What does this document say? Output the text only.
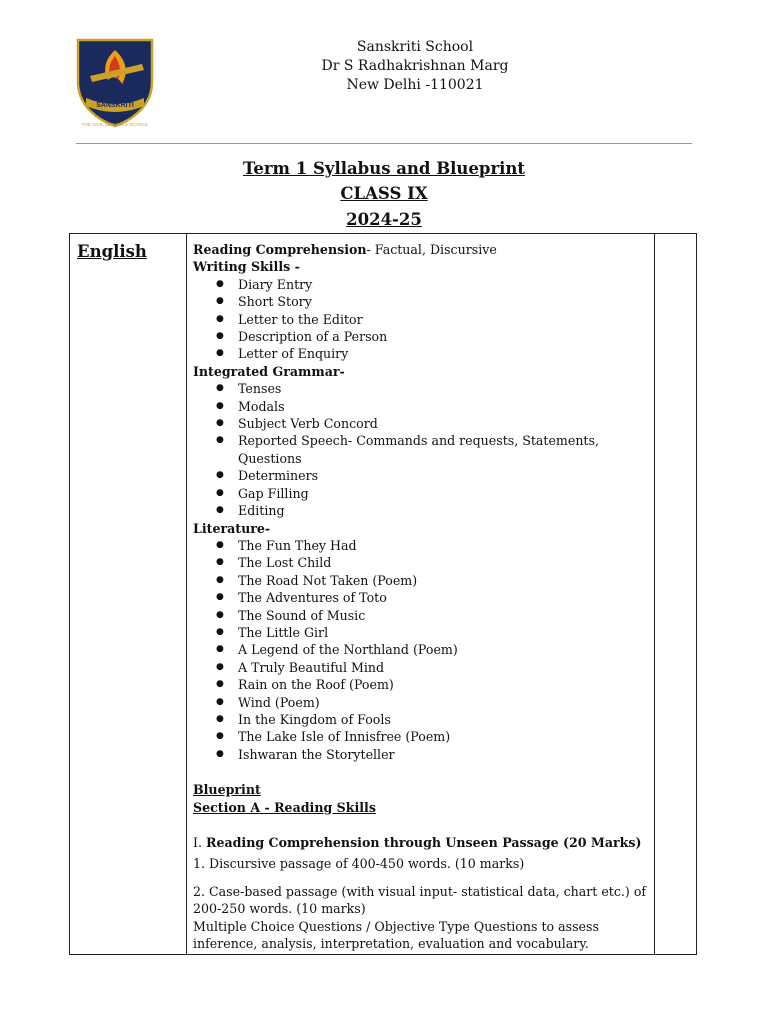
SANSKRITI
THE CIVIL SERVICES SCHOOL
Sanskriti School
Dr S Radhakrishnan Marg
New Delhi -110021
Term 1 Syllabus and Blueprint
CLASS IX
2024-25
English	Reading Comprehension- Factual, Discursive

Writing Skills -

● Diary Entry
● Short Story
● Letter to the Editor
● Description of a Person
● Letter of Enquiry

Integrated Grammar-

● Tenses
● Modals
● Subject Verb Concord
● Reported Speech- Commands and requests, Statements, Questions
● Determiners
● Gap Filling
● Editing

Literature-

● The Fun They Had
● The Lost Child
● The Road Not Taken (Poem)
● The Adventures of Toto
● The Sound of Music
● The Little Girl
● A Legend of the Northland (Poem)
● A Truly Beautiful Mind
● Rain on the Roof (Poem)
● Wind (Poem)
● In the Kingdom of Fools
● The Lake Isle of Innisfree (Poem)
● Ishwaran the Storyteller

Blueprint

Section A - Reading Skills

I. Reading Comprehension through Unseen Passage (20 Marks)

1. Discursive passage of 400-450 words. (10 marks)

2. Case-based passage (with visual input- statistical data, chart etc.) of 200-250 words. (10 marks)

Multiple Choice Questions / Objective Type Questions to assess inference, analysis, interpretation, evaluation and vocabulary.
